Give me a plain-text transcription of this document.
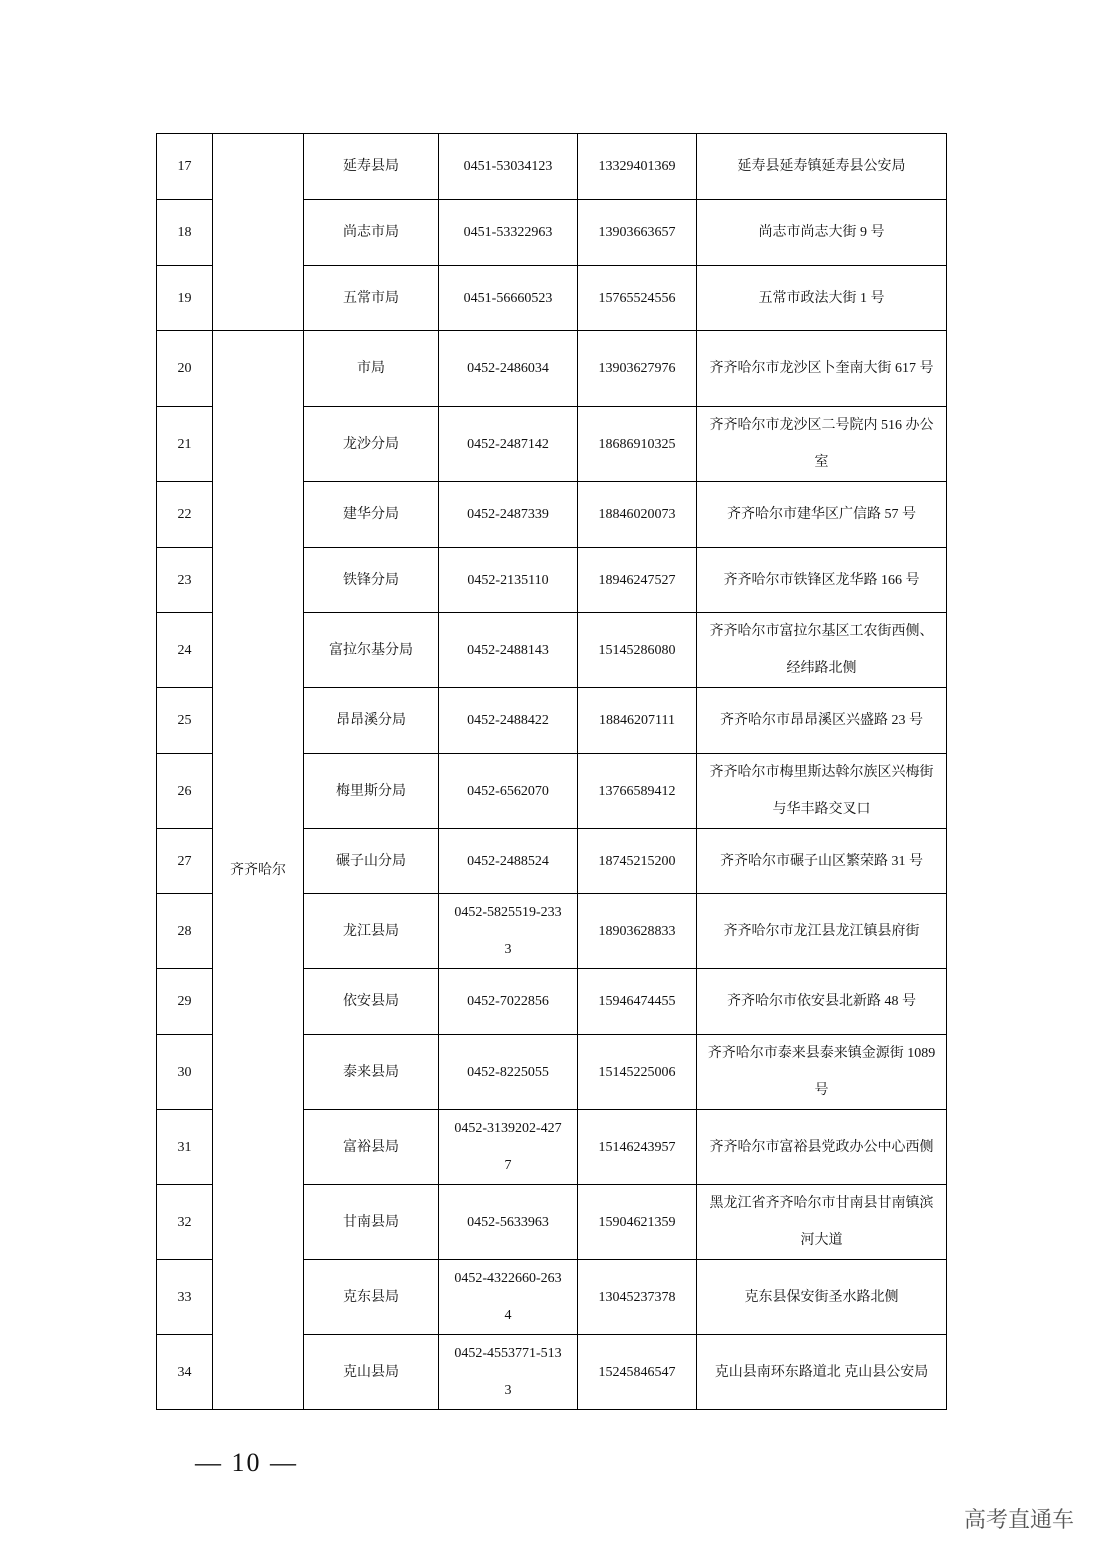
17		延寿县局	0451-53034123	13329401369	延寿县延寿镇延寿县公安局
18		尚志市局	0451-53322963	13903663657	尚志市尚志大街 9 号
19		五常市局	0451-56660523	15765524556	五常市政法大街 1 号
20	齐齐哈尔	市局	0452-2486034	13903627976	齐齐哈尔市龙沙区卜奎南大街 617 号
21		龙沙分局	0452-2487142	18686910325	齐齐哈尔市龙沙区二号院内 516 办公室
22		建华分局	0452-2487339	18846020073	齐齐哈尔市建华区广信路 57 号
23		铁锋分局	0452-2135110	18946247527	齐齐哈尔市铁锋区龙华路 166 号
24		富拉尔基分局	0452-2488143	15145286080	齐齐哈尔市富拉尔基区工农街西侧、经纬路北侧
25		昂昂溪分局	0452-2488422	18846207111	齐齐哈尔市昂昂溪区兴盛路 23 号
26		梅里斯分局	0452-6562070	13766589412	齐齐哈尔市梅里斯达斡尔族区兴梅街与华丰路交叉口
27		碾子山分局	0452-2488524	18745215200	齐齐哈尔市碾子山区繁荣路 31 号
28		龙江县局	0452-5825519-2333	18903628833	齐齐哈尔市龙江县龙江镇县府街
29		依安县局	0452-7022856	15946474455	齐齐哈尔市依安县北新路 48 号
30		泰来县局	0452-8225055	15145225006	齐齐哈尔市泰来县泰来镇金源街 1089 号
31		富裕县局	0452-3139202-4277	15146243957	齐齐哈尔市富裕县党政办公中心西侧
32		甘南县局	0452-5633963	15904621359	黑龙江省齐齐哈尔市甘南县甘南镇滨河大道
33		克东县局	0452-4322660-2634	13045237378	克东县保安街圣水路北侧
34		克山县局	0452-4553771-5133	15245846547	克山县南环东路道北 克山县公安局
— 10 —
高考直通车
